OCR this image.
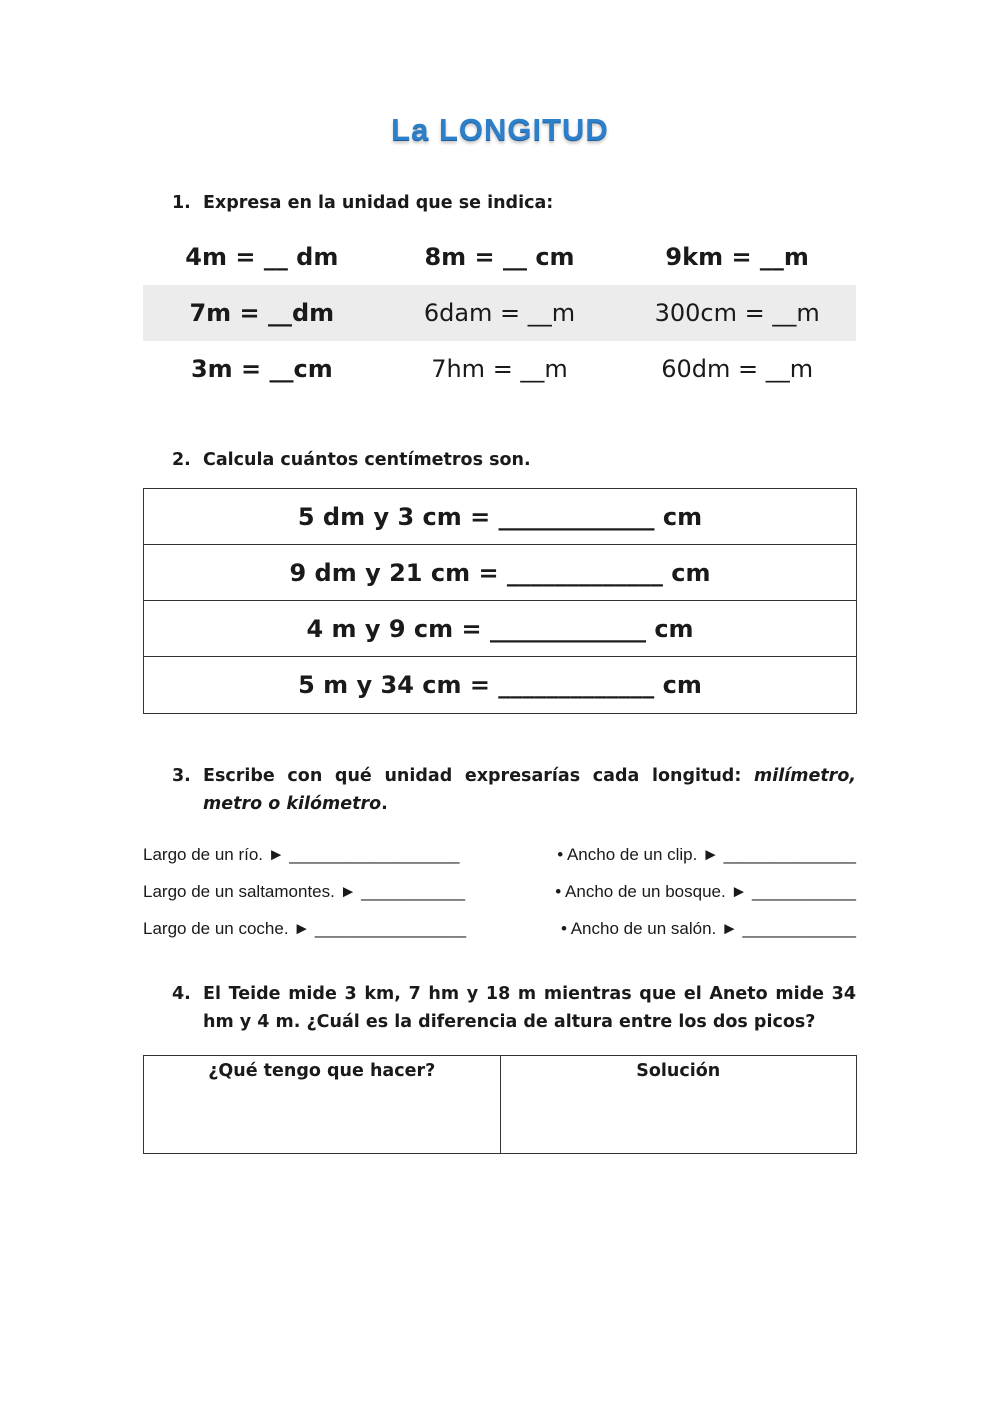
La LONGITUD
1. Expresa en la unidad que se indica:
4m = __ dm	8m = __ cm	9km = __m
7m = __dm	6dam = __m	300cm = __m
3m = __cm	7hm = __m	60dm = __m
2. Calcula cuántos centímetros son.
5 dm y 3 cm = _____________ cm
9 dm y 21 cm = _____________ cm
4 m y 9 cm = _____________ cm
5 m y 34 cm = _____________ cm
3. Escribe con qué unidad expresarías cada longitud: milímetro, metro o kilómetro.
Largo de un río. ► __________________	• Ancho de un clip. ► ______________
Largo de un saltamontes. ► ___________	• Ancho de un bosque. ► ___________
Largo de un coche. ► ________________	• Ancho de un salón. ► ____________
4. El Teide mide 3 km, 7 hm y 18 m mientras que el Aneto mide 34 hm y 4 m. ¿Cuál es la diferencia de altura entre los dos picos?
¿Qué tengo que hacer?	Solución
